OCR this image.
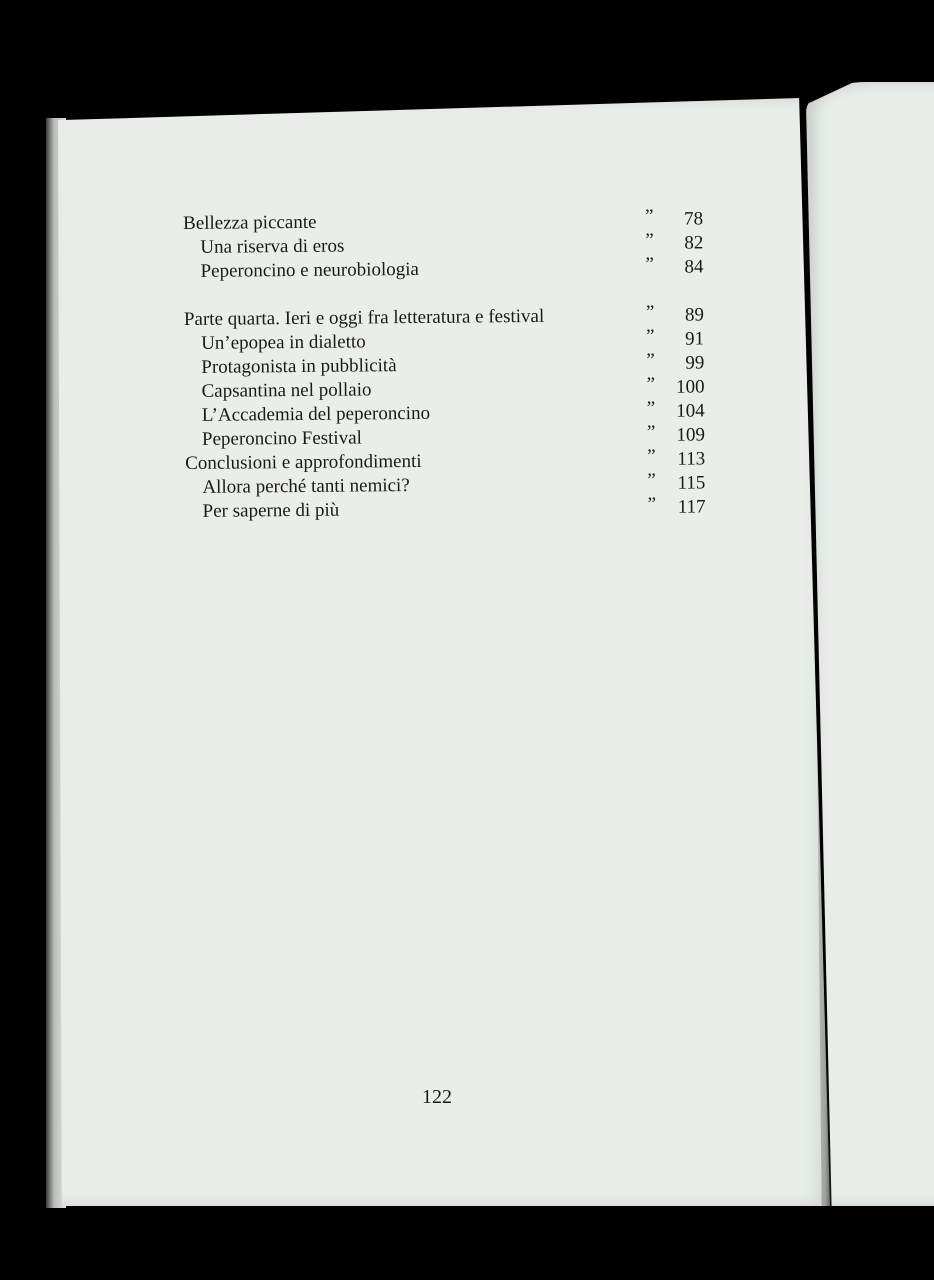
Bellezza piccante	” 78
Una riserva di eros	” 82
Peperoncino e neurobiologia	” 84
Parte quarta. Ieri e oggi fra letteratura e festival	” 89
Un’epopea in dialetto	” 91
Protagonista in pubblicità	” 99
Capsantina nel pollaio	” 100
L’Accademia del peperoncino	” 104
Peperoncino Festival	” 109
Conclusioni e approfondimenti	” 113
Allora perché tanti nemici?	” 115
Per saperne di più	” 117
122
